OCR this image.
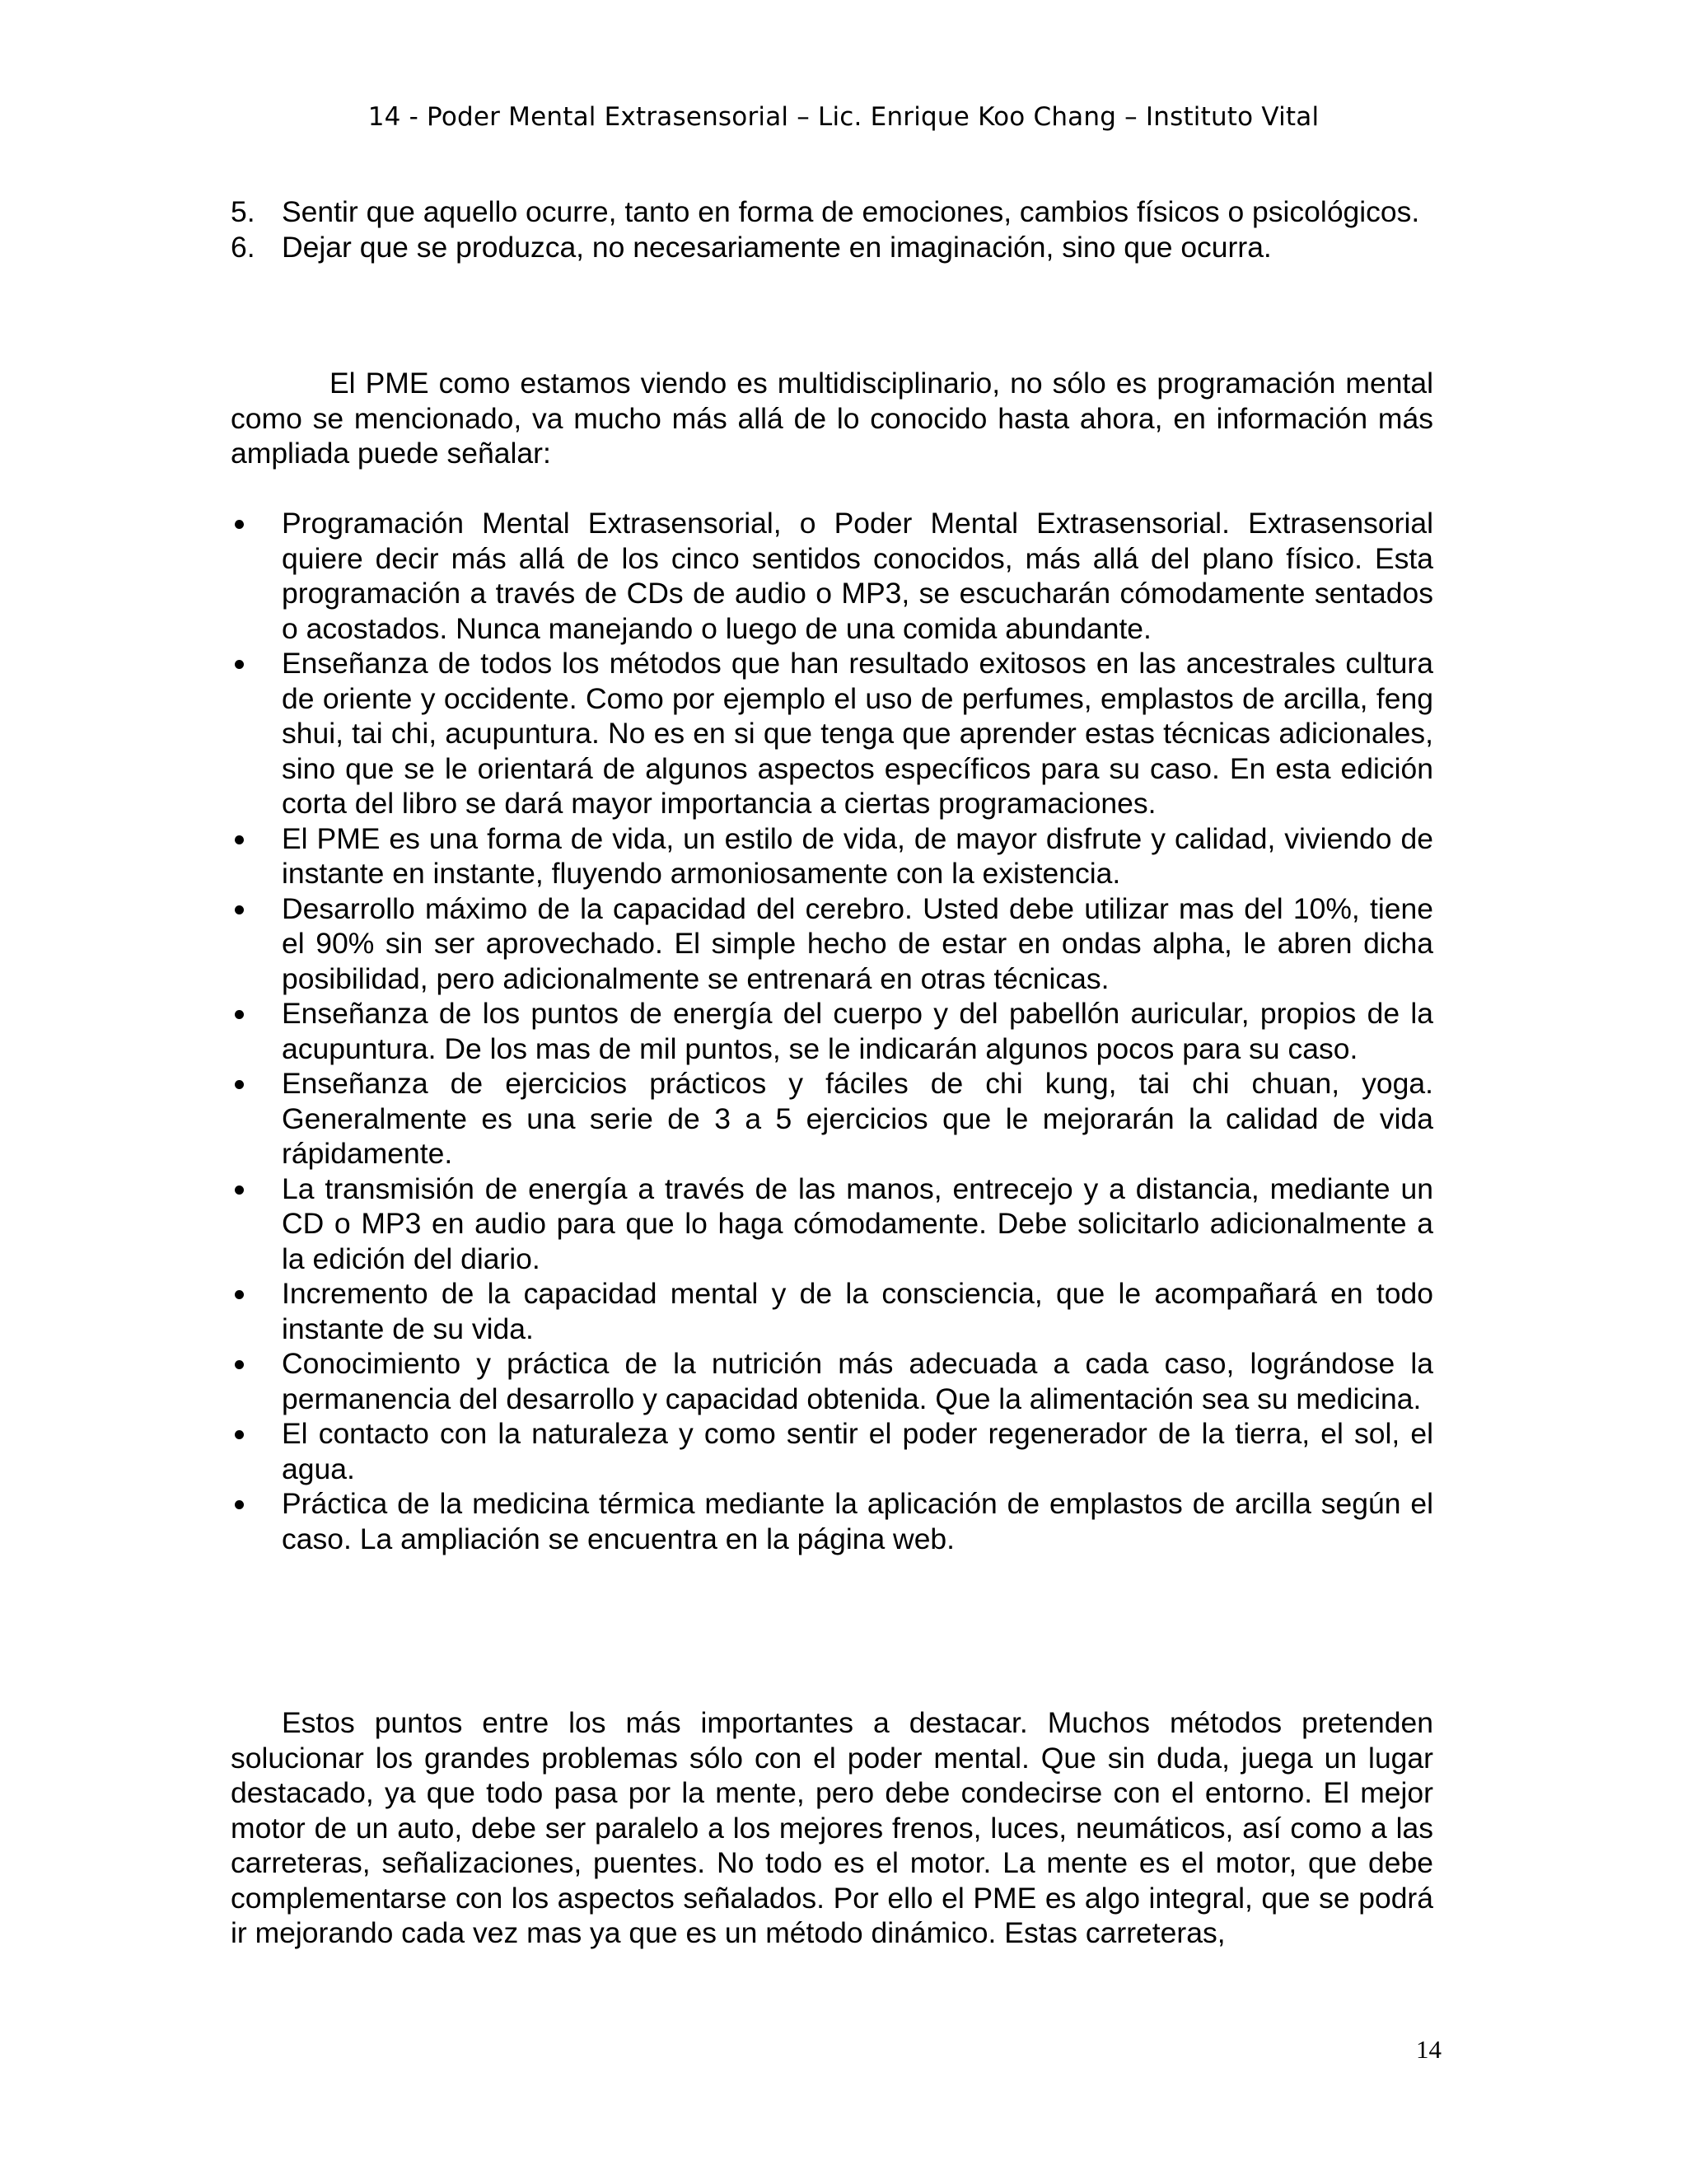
14 - Poder Mental Extrasensorial – Lic. Enrique Koo Chang – Instituto Vital
5. Sentir que aquello ocurre, tanto en forma de emociones, cambios físicos o psicológicos.
6. Dejar que se produzca, no necesariamente en imaginación, sino que ocurra.

El PME como estamos viendo es multidisciplinario, no sólo es programación mental como se mencionado, va mucho más allá de lo conocido hasta ahora, en información más ampliada puede señalar:

Programación Mental Extrasensorial, o Poder Mental Extrasensorial. Extrasensorial quiere decir más allá de los cinco sentidos conocidos, más allá del plano físico. Esta programación a través de CDs de audio o MP3, se escucharán cómodamente sentados o acostados. Nunca manejando o luego de una comida abundante.
Enseñanza de todos los métodos que han resultado exitosos en las ancestrales cultura de oriente y occidente. Como por ejemplo el uso de perfumes, emplastos de arcilla, feng shui, tai chi, acupuntura. No es en si que tenga que aprender estas técnicas adicionales, sino que se le orientará de algunos aspectos específicos para su caso. En esta edición corta del libro se dará mayor importancia a ciertas programaciones.
El PME es una forma de vida, un estilo de vida, de mayor disfrute y calidad, viviendo de instante en instante, fluyendo armoniosamente con la existencia.
Desarrollo máximo de la capacidad del cerebro. Usted debe utilizar mas del 10%, tiene el 90% sin ser aprovechado. El simple hecho de estar en ondas alpha, le abren dicha posibilidad, pero adicionalmente se entrenará en otras técnicas.
Enseñanza de los puntos de energía del cuerpo y del pabellón auricular, propios de la acupuntura. De los mas de mil puntos, se le indicarán algunos pocos para su caso.
Enseñanza de ejercicios prácticos y fáciles de chi kung, tai chi chuan, yoga. Generalmente es una serie de 3 a 5 ejercicios que le mejorarán la calidad de vida rápidamente.
La transmisión de energía a través de las manos, entrecejo y a distancia, mediante un CD o MP3 en audio para que lo haga cómodamente. Debe solicitarlo adicionalmente a la edición del diario.
Incremento de la capacidad mental y de la consciencia, que le acompañará en todo instante de su vida.
Conocimiento y práctica de la nutrición más adecuada a cada caso, lográndose la permanencia del desarrollo y capacidad obtenida. Que la alimentación sea su medicina.
El contacto con la naturaleza y como sentir el poder regenerador de la tierra, el sol, el agua.
Práctica de la medicina térmica mediante la aplicación de emplastos de arcilla según el caso. La ampliación se encuentra en la página web.

Estos puntos entre los más importantes a destacar. Muchos métodos pretenden solucionar los grandes problemas sólo con el poder mental. Que sin duda, juega un lugar destacado, ya que todo pasa por la mente, pero debe condecirse con el entorno. El mejor motor de un auto, debe ser paralelo a los mejores frenos, luces, neumáticos, así como a las carreteras, señalizaciones, puentes. No todo es el motor. La mente es el motor, que debe complementarse con los aspectos señalados. Por ello el PME es algo integral, que se podrá ir mejorando cada vez mas ya que es un método dinámico. Estas carreteras,

14
